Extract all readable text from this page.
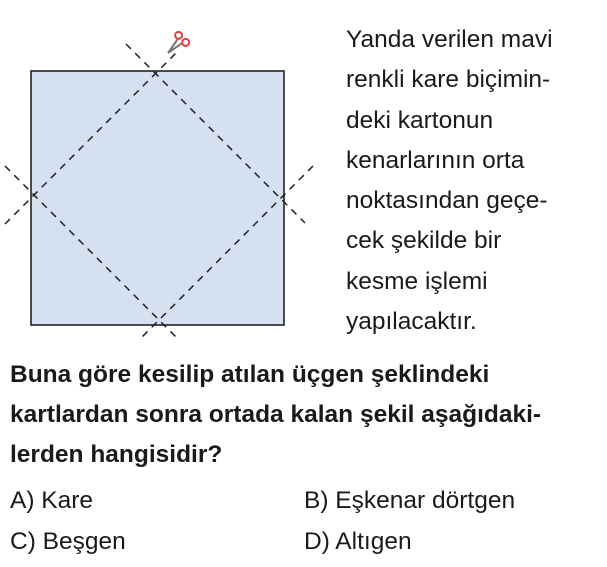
Yanda verilen mavi
renkli kare biçimin-
deki kartonun
kenarlarının orta
noktasından geçe-
cek şekilde bir
kesme işlemi
yapılacaktır.
Buna göre kesilip atılan üçgen şeklindeki
kartlardan sonra ortada kalan şekil aşağıdaki-
lerden hangisidir?
A) Kare	B) Eşkenar dörtgen
C) Beşgen	D) Altıgen
